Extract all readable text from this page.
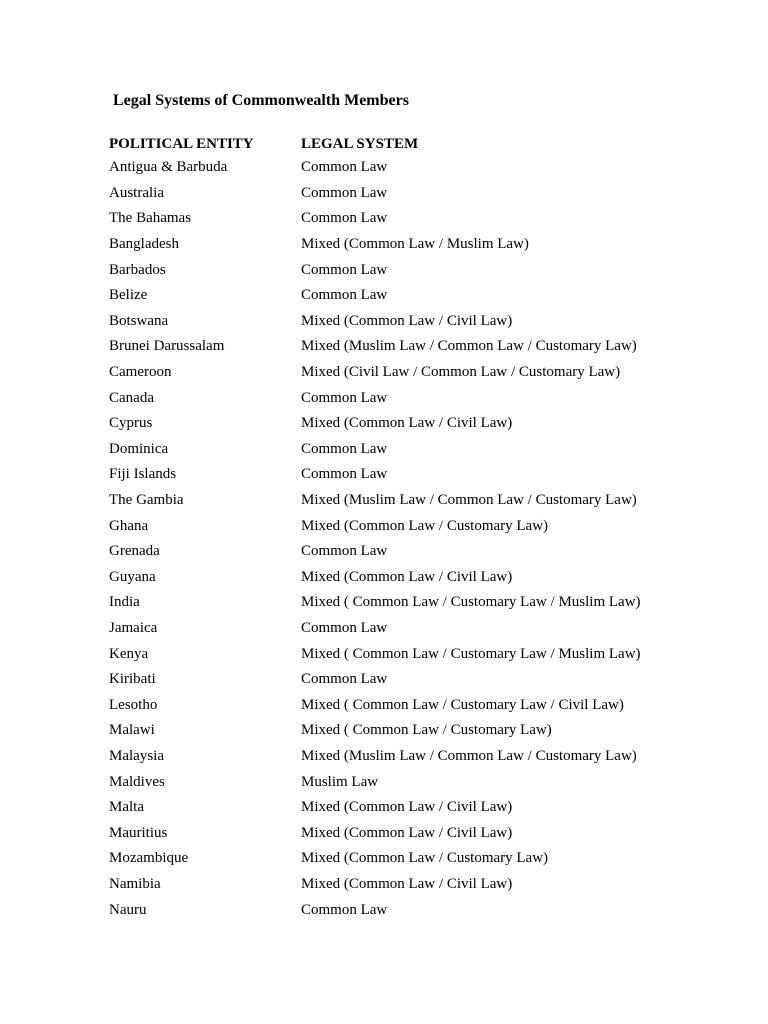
Legal Systems of Commonwealth Members
POLITICAL ENTITY	LEGAL SYSTEM
Antigua & Barbuda	Common Law
Australia	Common Law
The Bahamas	Common Law
Bangladesh	Mixed (Common Law / Muslim Law)
Barbados	Common Law
Belize	Common Law
Botswana	Mixed (Common Law / Civil Law)
Brunei Darussalam	Mixed (Muslim Law / Common Law / Customary Law)
Cameroon	Mixed (Civil Law / Common Law / Customary Law)
Canada	Common Law
Cyprus	Mixed (Common Law / Civil Law)
Dominica	Common Law
Fiji Islands	Common Law
The Gambia	Mixed (Muslim Law / Common Law / Customary Law)
Ghana	Mixed (Common Law / Customary Law)
Grenada	Common Law
Guyana	Mixed (Common Law / Civil Law)
India	Mixed ( Common Law / Customary Law / Muslim Law)
Jamaica	Common Law
Kenya	Mixed ( Common Law / Customary Law / Muslim Law)
Kiribati	Common Law
Lesotho	Mixed ( Common Law / Customary Law / Civil Law)
Malawi	Mixed ( Common Law / Customary Law)
Malaysia	Mixed (Muslim Law / Common Law / Customary Law)
Maldives	Muslim Law
Malta	Mixed (Common Law / Civil Law)
Mauritius	Mixed (Common Law / Civil Law)
Mozambique	Mixed (Common Law / Customary Law)
Namibia	Mixed (Common Law / Civil Law)
Nauru	Common Law
